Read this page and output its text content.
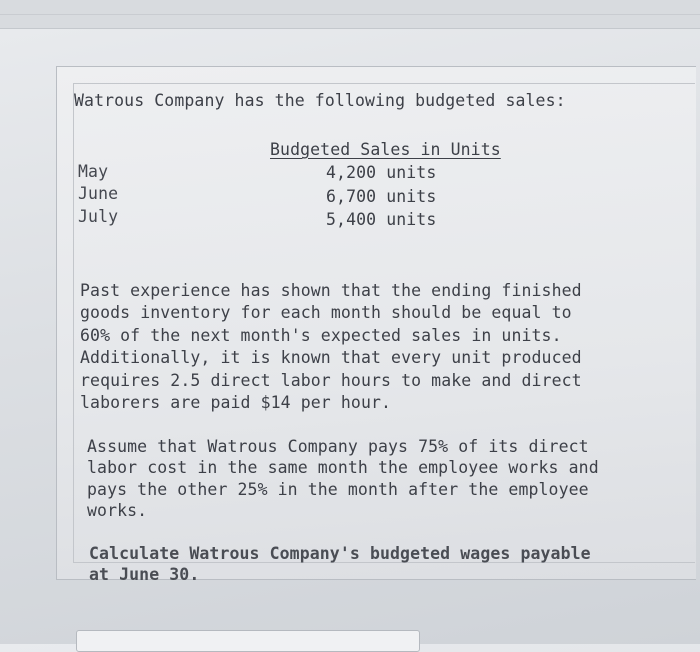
Watrous Company has the following budgeted sales:
Budgeted Sales in Units
May
June
July
4,200 units
6,700 units
5,400 units

Past experience has shown that the ending finished
goods inventory for each month should be equal to
60% of the next month's expected sales in units.
Additionally, it is known that every unit produced
requires 2.5 direct labor hours to make and direct
laborers are paid $14 per hour.

Assume that Watrous Company pays 75% of its direct
labor cost in the same month the employee works and
pays the other 25% in the month after the employee
works.

Calculate Watrous Company's budgeted wages payable
at June 30.
